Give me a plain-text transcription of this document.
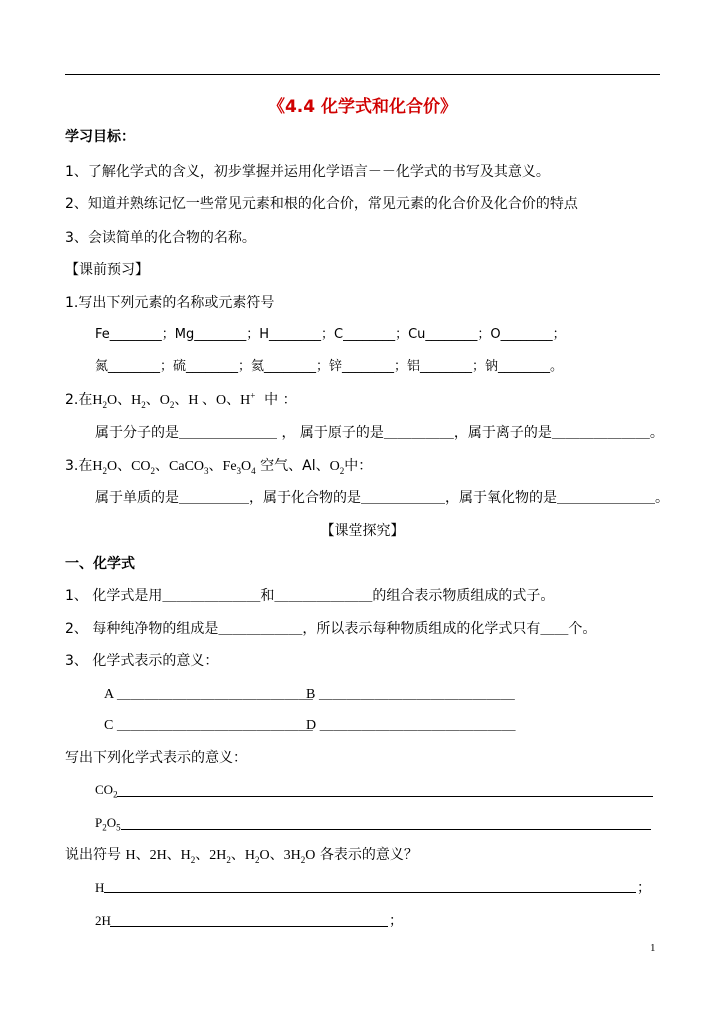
《4.4 化学式和化合价》
学习目标：
1、了解化学式的含义，初步掌握并运用化学语言－－化学式的书写及其意义。
2、知道并熟练记忆一些常见元素和根的化合价，常见元素的化合价及化合价的特点
3、会读简单的化合物的名称。
【课前预习】
1.写出下列元素的名称或元素符号
Fe________；Mg________；H________；C________；Cu________；O________；
氮________；硫________；氦________；锌________；铝________；钠________。
2.在$H_2O$、$H_2$、$O_2$、H 、O、H+ 中 ：
属于分子的是＿＿＿＿＿＿＿ ， 属于原子的是＿＿＿＿＿，属于离子的是＿＿＿＿＿＿＿。
3.在$H_2O$、$CO_2$、CaCO$_3$、$Fe_3O_4$ 空气、Al、$O_2$中：
属于单质的是＿＿＿＿＿，属于化合物的是＿＿＿＿＿＿，属于氧化物的是＿＿＿＿＿＿＿。
【课堂探究】
一、化学式
1、 化学式是用＿＿＿＿＿＿＿和＿＿＿＿＿＿＿的组合表示物质组成的式子。
2、 每种纯净物的组成是＿＿＿＿＿＿，所以表示每种物质组成的化学式只有＿＿个。
3、 化学式表示的意义：
A ＿＿＿＿＿＿＿＿＿＿＿＿＿＿
B ＿＿＿＿＿＿＿＿＿＿＿＿＿＿
C ＿＿＿＿＿＿＿＿＿＿＿＿＿＿
D ＿＿＿＿＿＿＿＿＿＿＿＿＿＿
写出下列化学式表示的意义：
$CO_2$
$P_2O_5$
说出符号 H、2H、$H_2$、$2H_2$、$H_2O$、$3H_2O$ 各表示的意义？
H	；
2H	；
1
